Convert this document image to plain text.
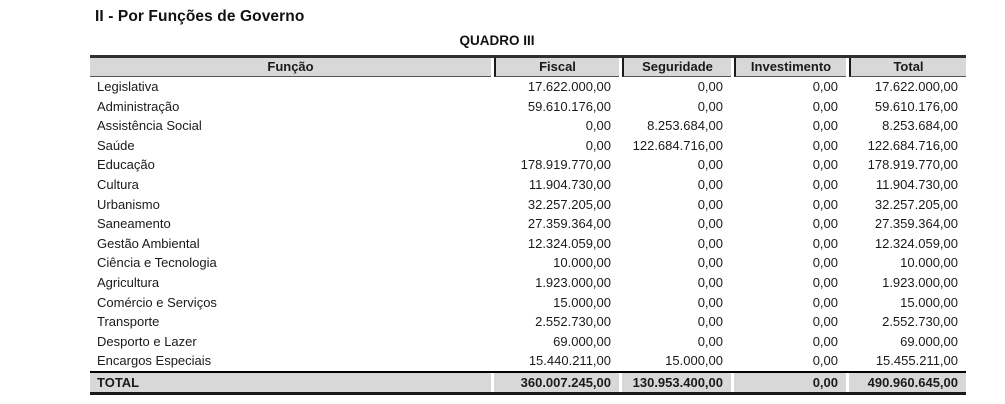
II - Por Funções de Governo
QUADRO III
Função	Fiscal	Seguridade	Investimento	Total
Legislativa	17.622.000,00	0,00	0,00	17.622.000,00
Administração	59.610.176,00	0,00	0,00	59.610.176,00
Assistência Social	0,00	8.253.684,00	0,00	8.253.684,00
Saúde	0,00	122.684.716,00	0,00	122.684.716,00
Educação	178.919.770,00	0,00	0,00	178.919.770,00
Cultura	11.904.730,00	0,00	0,00	11.904.730,00
Urbanismo	32.257.205,00	0,00	0,00	32.257.205,00
Saneamento	27.359.364,00	0,00	0,00	27.359.364,00
Gestão Ambiental	12.324.059,00	0,00	0,00	12.324.059,00
Ciência e Tecnologia	10.000,00	0,00	0,00	10.000,00
Agricultura	1.923.000,00	0,00	0,00	1.923.000,00
Comércio e Serviços	15.000,00	0,00	0,00	15.000,00
Transporte	2.552.730,00	0,00	0,00	2.552.730,00
Desporto e Lazer	69.000,00	0,00	0,00	69.000,00
Encargos Especiais	15.440.211,00	15.000,00	0,00	15.455.211,00
TOTAL	360.007.245,00	130.953.400,00	0,00	490.960.645,00
